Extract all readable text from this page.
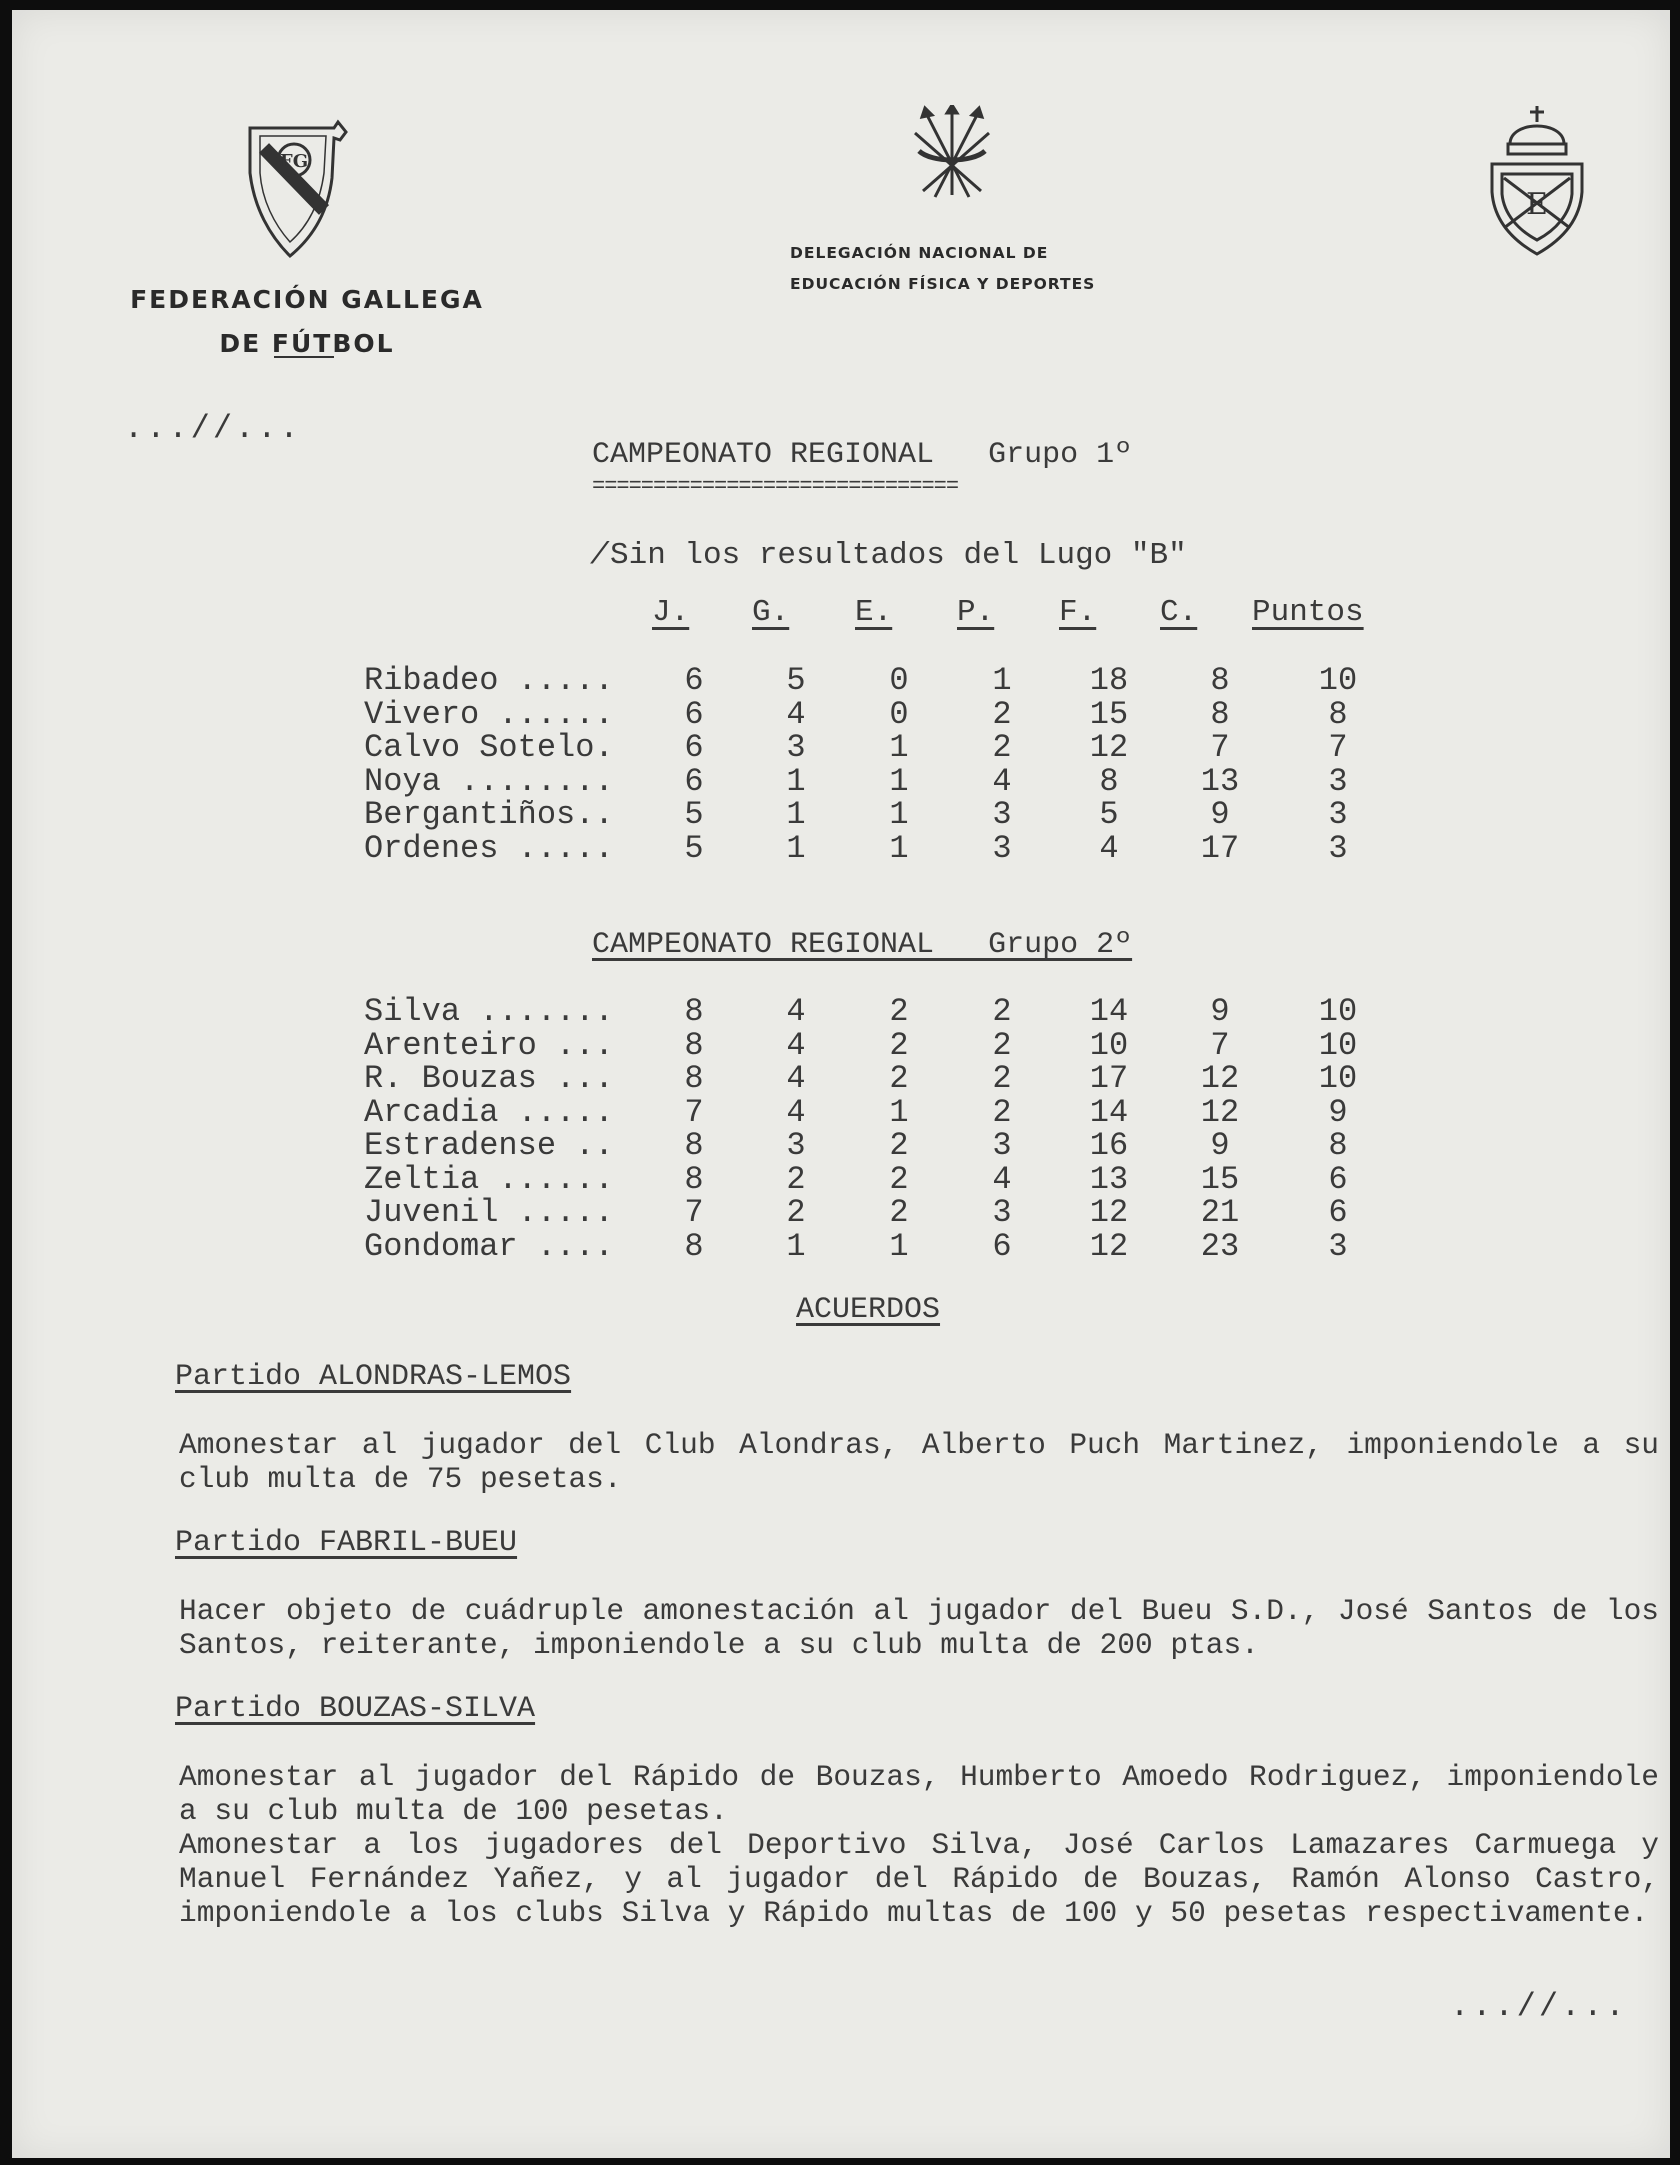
FG
FEDERACIÓN GALLEGA
DE FÚTBOL
DELEGACIÓN NACIONAL DE
EDUCACIÓN FÍSICA Y DEPORTES
E
...//...
CAMPEONATO REGIONAL   Grupo 1º
==============================
/ Sin los resultados del Lugo "B"
J. G. E. P. F. C. Puntos
Ribadeo .....	6	5	0	1	18	8	10
Vivero ......	6	4	0	2	15	8	8
Calvo Sotelo.	6	3	1	2	12	7	7
Noya ........	6	1	1	4	8	13	3
Bergantiños..	5	1	1	3	5	9	3
Ordenes .....	5	1	1	3	4	17	3
CAMPEONATO REGIONAL   Grupo 2º
Silva .......	8	4	2	2	14	9	10
Arenteiro ...	8	4	2	2	10	7	10
R. Bouzas ...	8	4	2	2	17	12	10
Arcadia .....	7	4	1	2	14	12	9
Estradense ..	8	3	2	3	16	9	8
Zeltia ......	8	2	2	4	13	15	6
Juvenil .....	7	2	2	3	12	21	6
Gondomar ....	8	1	1	6	12	23	3
ACUERDOS
Partido ALONDRAS-LEMOS

Amonestar al jugador del Club Alondras, Alberto Puch Martinez, imponiendole a su club multa de 75 pesetas.

Partido FABRIL-BUEU

Hacer objeto de cuádruple amonestación al jugador del Bueu S.D., José Santos de los Santos, reiterante, imponiendole a su club multa de 200 ptas.

Partido BOUZAS-SILVA

Amonestar al jugador del Rápido de Bouzas, Humberto Amoedo Rodriguez, imponiendole a su club multa de 100 pesetas.

Amonestar a los jugadores del Deportivo Silva, José Carlos Lamazares Carmuega y Manuel Fernández Yañez, y al jugador del Rápido de Bouzas, Ramón Alonso Castro, imponiendole a los clubs Silva y Rápido multas de 100 y 50 pesetas respectivamente.

...//...
